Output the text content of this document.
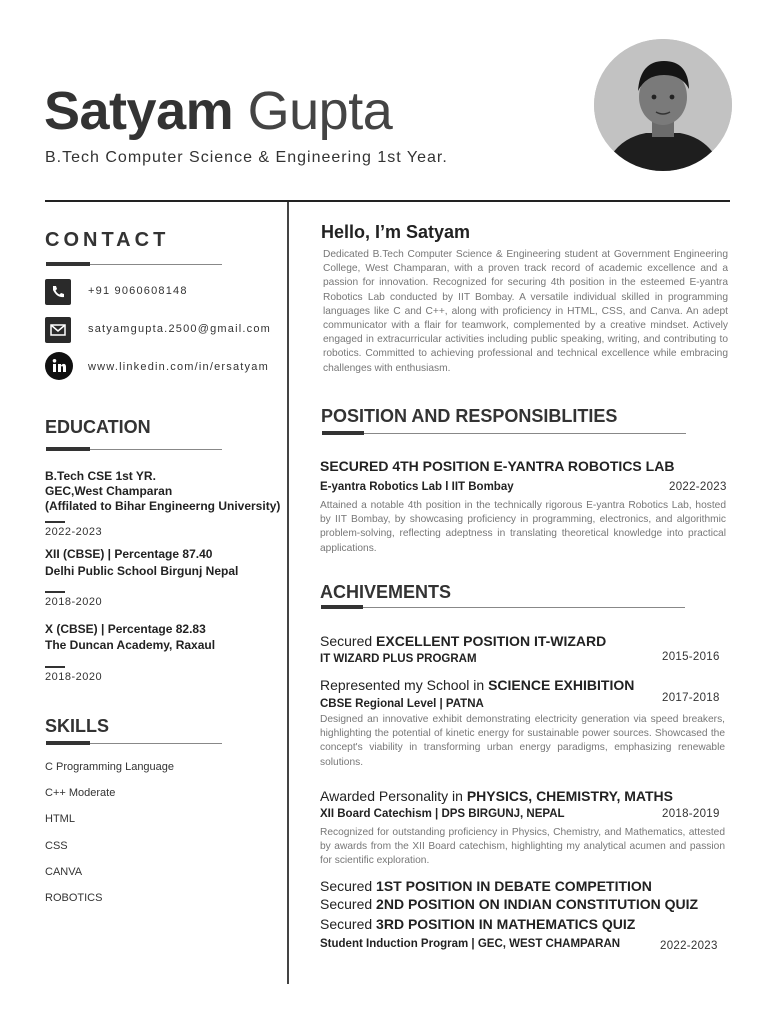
Satyam Gupta
B.Tech Computer Science & Engineering 1st Year.
CONTACT
+91 9060608148
satyamgupta.2500@gmail.com
www.linkedin.com/in/ersatyam
EDUCATION
B.Tech CSE 1st YR.
GEC,West Champaran
(Affilated to Bihar Engineerng University)
2022-2023
XII (CBSE) | Percentage 87.40
Delhi Public School Birgunj Nepal
2018-2020
X (CBSE) | Percentage 82.83
The Duncan Academy, Raxaul
2018-2020
SKILLS
C Programming Language
C++ Moderate
HTML
CSS
CANVA
ROBOTICS
Hello, I’m Satyam
Dedicated B.Tech Computer Science & Engineering student at Government Engineering College, West Champaran, with a proven track record of academic excellence and a passion for innovation. Recognized for securing 4th position in the esteemed E-yantra Robotics Lab conducted by IIT Bombay. A versatile individual skilled in programming languages like C and C++, along with proficiency in HTML, CSS, and Canva. An adept communicator with a flair for teamwork, complemented by a creative mindset. Actively engaged in extracurricular activities including public speaking, writing, and contributing to robotics. Committed to achieving professional and technical excellence while embracing challenges with enthusiasm.
POSITION AND RESPONSIBLITIES
SECURED 4TH POSITION E-YANTRA ROBOTICS LAB
E-yantra Robotics Lab l IIT Bombay	2022-2023
Attained a notable 4th position in the technically rigorous E-yantra Robotics Lab, hosted by IIT Bombay, by showcasing proficiency in programming, electronics, and algorithmic problem-solving, reflecting adeptness in translating theoretical knowledge into practical applications.
ACHIVEMENTS
Secured EXCELLENT POSITION IT-WIZARD
IT WIZARD PLUS PROGRAM	2015-2016
Represented my School in SCIENCE EXHIBITION
2017-2018
CBSE Regional Level | PATNA
Designed an innovative exhibit demonstrating electricity generation via speed breakers, highlighting the potential of kinetic energy for sustainable power sources. Showcased the concept's viability in transforming urban energy paradigms, emphasizing renewable solutions.
Awarded Personality in PHYSICS, CHEMISTRY, MATHS
XII Board Catechism | DPS BIRGUNJ, NEPAL	2018-2019
Recognized for outstanding proficiency in Physics, Chemistry, and Mathematics, attested by awards from the XII Board catechism, highlighting my analytical acumen and passion for scientific exploration.
Secured 1ST POSITION IN DEBATE COMPETITION
Secured 2ND POSITION ON INDIAN CONSTITUTION QUIZ
Secured 3RD POSITION IN MATHEMATICS QUIZ
Student Induction Program | GEC, WEST CHAMPARAN	2022-2023
